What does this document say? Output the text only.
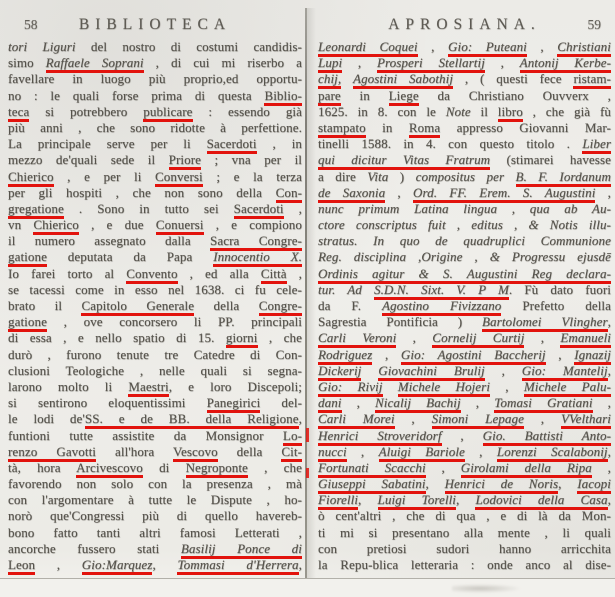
58	BIBLIOTECA
tori Liguri del nostro di costumi candidis-
simo Raffaele Soprani , di cui mi riserbo a
favellare in luogo più proprio,ed opportu-
no : le quali forse prima di questa Biblio-
teca si potrebbero publicare : essendo già
più anni , che sono ridotte à perfettione.
La principale serve per li Sacerdoti , in
mezzo de'quali sede il Priore ; vna per il
Chierico , e per li Conversi ; e la terza
per gli hospiti , che non sono della Con-
gregatione . Sono in tutto sei Sacerdoti ,
vn Chierico , e due Conuersi , e compiono
il numero assegnato dalla Sacra Congre-
gatione deputata da Papa Innocentio X.
Io farei torto al Convento , ed alla Città ,
se tacessi come in esso nel 1638. ci fu cele-
brato il Capitolo Generale della Congre-
gatione , ove concorsero li PP. principali
di essa , e nello spatio di 15. giorni , che
durò , furono tenute tre Catedre di Con-
clusioni Teologiche , nelle quali si segna-
larono molto li Maestri, e loro Discepoli;
si sentirono eloquentissimi Panegirici del-
le lodi de'SS. e de BB. della Religione,
funtioni tutte assistite da Monsignor Lo-
renzo Gavotti all'hora Vescovo della Cit-
tà, hora Arcivescovo di Negroponte , che
favorendo non solo con la presenza , mà
con l'argomentare à tutte le Dispute , ho-
norò que'Congressi più di quello havereb-
bono fatto tanti altri famosi Letterati ,
ancorche fussero stati Basilij Ponce di
Leon , Gio:Marquez, Tommasi d'Herrera,
APROSIANA.	59
Leonardi Coquei , Gio: Puteani , Christiani
Lupi , Prosperi Stellartij , Antonij Kerbe-
chij, Agostini Sabothij , ( questi fece ristam-
pare in Liege da Christiano Ouvverx ,
1625. in 8. con le Note il libro , che già fù
stampato in Roma appresso Giovanni Mar-
tinelli 1588. in 4. con questo titolo . Liber
qui dicitur Vitas Fratrum (stimarei havesse
a dire Vita ) compositus per B. F. Iordanum
de Saxonia , Ord. FF. Erem. S. Augustini ,
nunc primum Latina lingua , qua ab Au-
ctore conscriptus fuit , editus , & Notis illu-
stratus. In quo de quadruplici Communione
Reg. disciplina ,Origine , & Progressu ejusdē
Ordinis agitur & S. Augustini Reg declara-
tur. Ad S.D.N. Sixt. V. P M. Fù dato fuori
da F. Agostino Fivizzano Prefetto della
Sagrestia Pontificia ) Bartolomei Vlingher,
Carli Veroni , Cornelij Curtij , Emanueli
Rodriguez , Gio: Agostini Baccherij , Ignazij
Dickerij Giovachini Brulij , Gio: Mantelij,
Gio: Rivij Michele Hojeri , Michele Palu-
dani , Nicalij Bachij , Tomasi Gratiani ,
Carli Morei , Simoni Lepage , VVelthari
Henrici Stroveridorf , Gio. Battisti Anto-
nucci , Aluigi Bariole , Lorenzi Scalabonij,
Fortunati Scacchi , Girolami della Ripa ,
Giuseppi Sabatini, Henrici de Noris, Iacopi
Fiorelli, Luigi Torelli, Lodovici della Casa,
ò cent'altri , che di qua , e di là da Mon-
ti mi si presentano alla mente , li quali
con pretiosi sudori hanno arricchita
la Repu-blica letteraria : onde anco al dise-
